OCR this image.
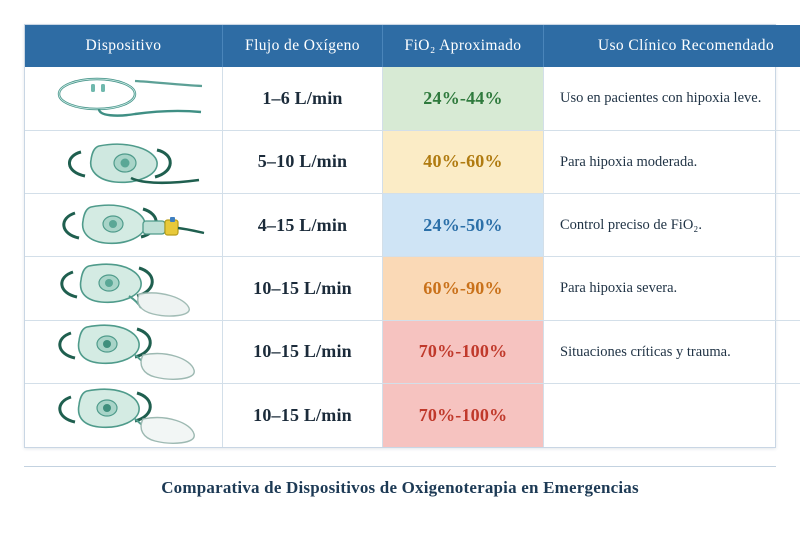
Dispositivo	Flujo de Oxígeno	FiO₂ Aproximado	Uso Clínico Recomendado

	1–6 L/min	24%-44%	Uso en pacientes con hipoxia leve.

	5–10 L/min	40%-60%	Para hipoxia moderada.

	4–15 L/min	24%-50%	Control preciso de FiO₂.

	10–15 L/min	60%-90%	Para hipoxia severa.

	10–15 L/min	70%-100%	Situaciones críticas y trauma.

	10–15 L/min	70%-100%	

Comparativa de Dispositivos de Oxigenoterapia en Emergencias
